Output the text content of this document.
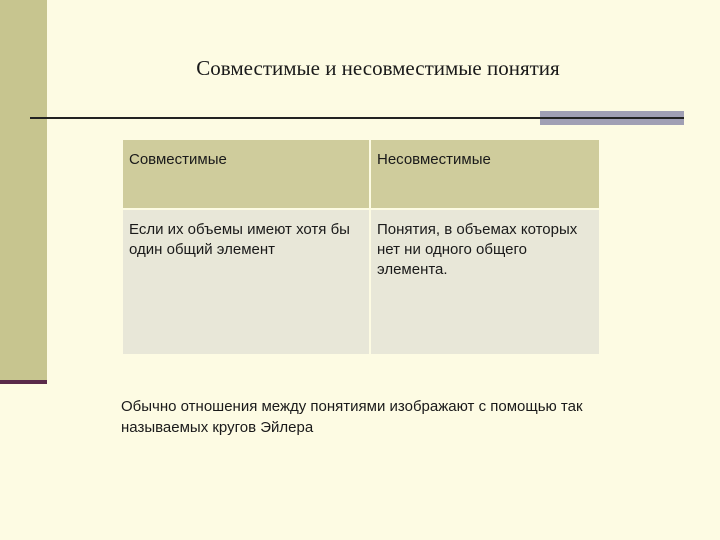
Совместимые и несовместимые понятия
Совместимые	Несовместимые
Если их объемы имеют хотя бы один общий элемент	Понятия, в объемах которых нет ни одного общего элемента.
Обычно отношения между понятиями изображают с помощью так называемых кругов Эйлера
